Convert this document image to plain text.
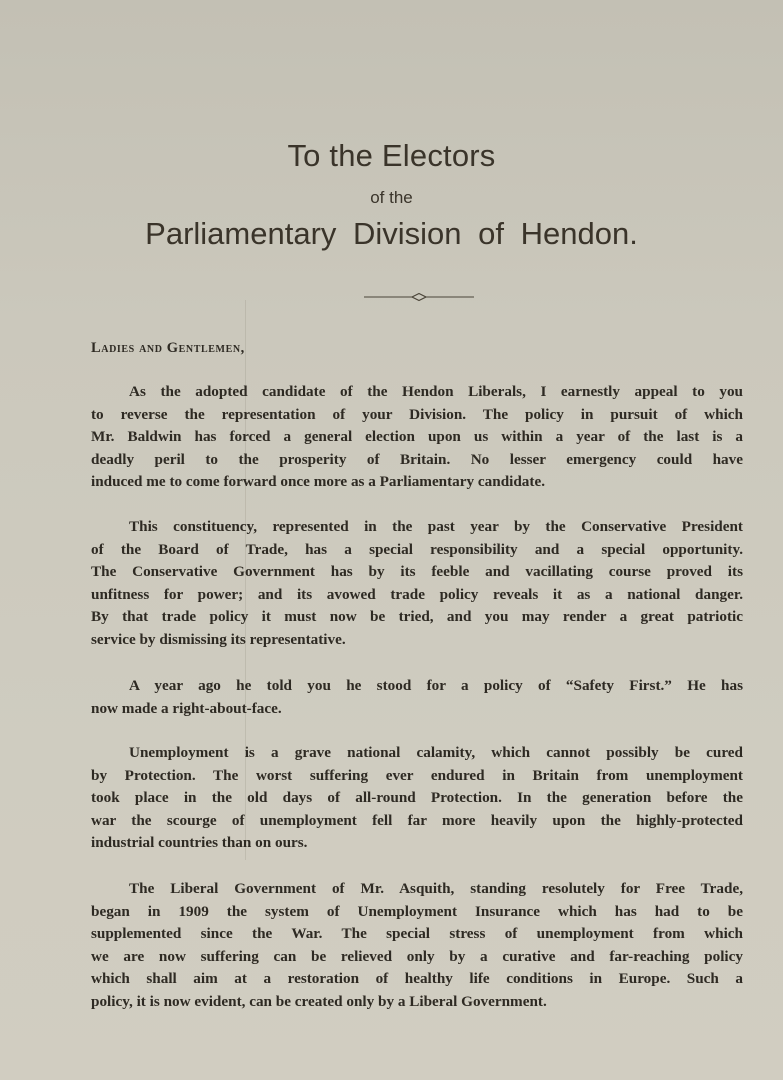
To the Electors
of the
Parliamentary Division of Hendon.
Ladies and Gentlemen,
As the adopted candidate of the Hendon Liberals, I earnestly appeal to you
to reverse the representation of your Division. The policy in pursuit of which
Mr. Baldwin has forced a general election upon us within a year of the last is a
deadly peril to the prosperity of Britain. No lesser emergency could have
induced me to come forward once more as a Parliamentary candidate.
This constituency, represented in the past year by the Conservative President
of the Board of Trade, has a special responsibility and a special opportunity.
The Conservative Government has by its feeble and vacillating course proved its
unfitness for power; and its avowed trade policy reveals it as a national danger.
By that trade policy it must now be tried, and you may render a great patriotic
service by dismissing its representative.
A year ago he told you he stood for a policy of “Safety First.” He has
now made a right-about-face.
Unemployment is a grave national calamity, which cannot possibly be cured
by Protection. The worst suffering ever endured in Britain from unemployment
took place in the old days of all-round Protection. In the generation before the
war the scourge of unemployment fell far more heavily upon the highly-protected
industrial countries than on ours.
The Liberal Government of Mr. Asquith, standing resolutely for Free Trade,
began in 1909 the system of Unemployment Insurance which has had to be
supplemented since the War. The special stress of unemployment from which
we are now suffering can be relieved only by a curative and far-reaching policy
which shall aim at a restoration of healthy life conditions in Europe. Such a
policy, it is now evident, can be created only by a Liberal Government.
